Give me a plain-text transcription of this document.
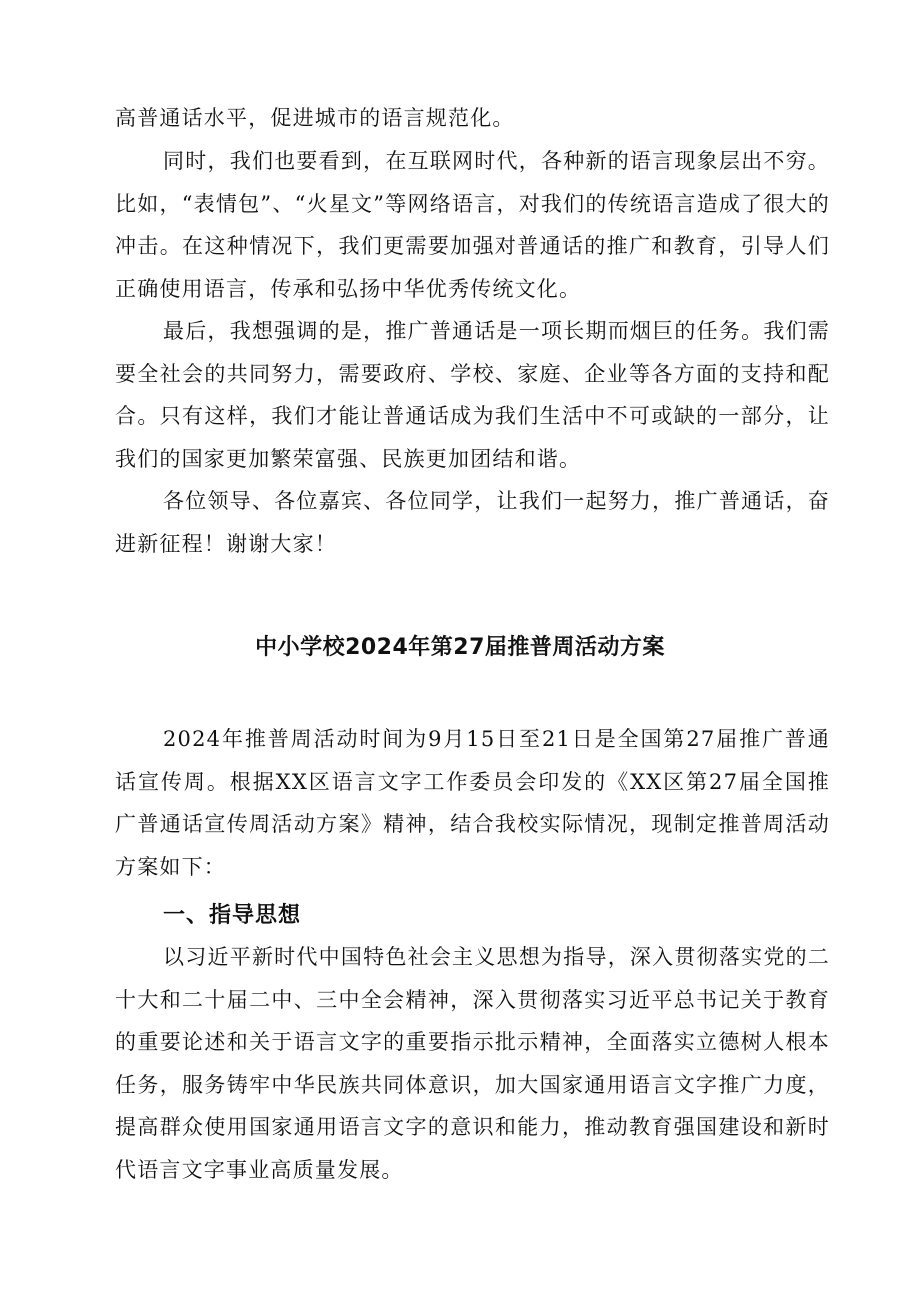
高普通话水平，促进城市的语言规范化。

同时，我们也要看到，在互联网时代，各种新的语言现象层出不穷。比如，“表情包”、“火星文”等网络语言，对我们的传统语言造成了很大的冲击。在这种情况下，我们更需要加强对普通话的推广和教育，引导人们正确使用语言，传承和弘扬中华优秀传统文化。

最后，我想强调的是，推广普通话是一项长期而烟巨的任务。我们需要全社会的共同努力，需要政府、学校、家庭、企业等各方面的支持和配合。只有这样，我们才能让普通话成为我们生活中不可或缺的一部分，让我们的国家更加繁荣富强、民族更加团结和谐。

各位领导、各位嘉宾、各位同学，让我们一起努力，推广普通话，奋进新征程！谢谢大家！

中小学校2024年第27届推普周活动方案

2024年推普周活动时间为9月15日至21日是全国第27届推广普通话宣传周。根据XX区语言文字工作委员会印发的《XX区第27届全国推广普通话宣传周活动方案》精神，结合我校实际情况，现制定推普周活动方案如下：

一、指导思想

以习近平新时代中国特色社会主义思想为指导，深入贯彻落实党的二十大和二十届二中、三中全会精神，深入贯彻落实习近平总书记关于教育的重要论述和关于语言文字的重要指示批示精神，全面落实立德树人根本任务，服务铸牢中华民族共同体意识，加大国家通用语言文字推广力度，提高群众使用国家通用语言文字的意识和能力，推动教育强国建设和新时代语言文字事业高质量发展。
